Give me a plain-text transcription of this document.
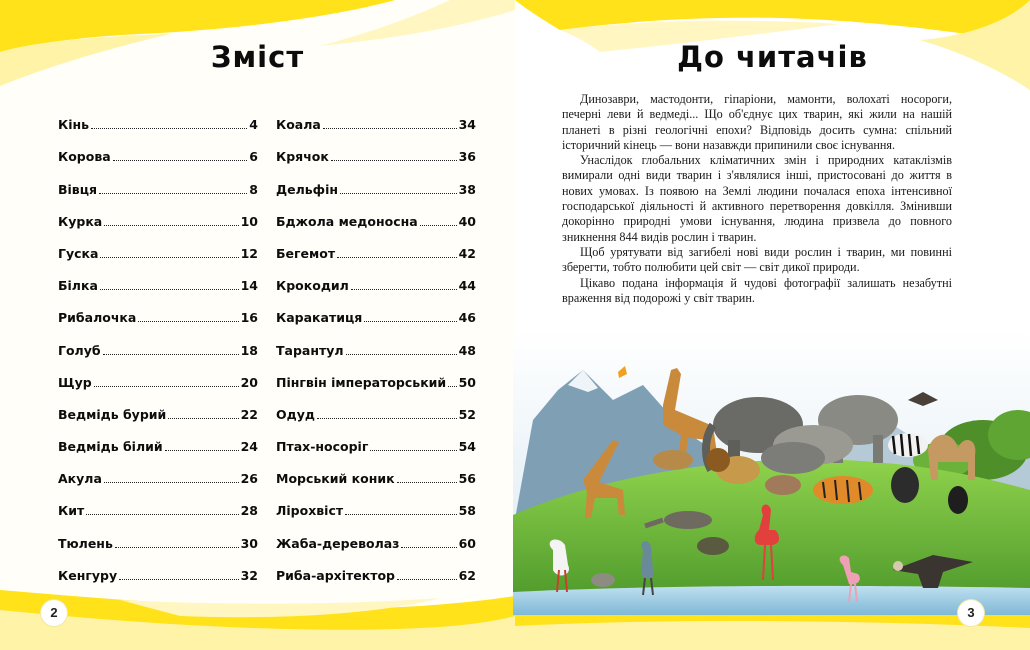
Зміст	До читачів
Кінь	4
Корова	6
Вівця	8
Курка	10
Гуска	12
Білка	14
Рибалочка	16
Голуб	18
Щур	20
Ведмідь бурий	22
Ведмідь білий	24
Акула	26
Кит	28
Тюлень	30
Кенгуру	32
Коала	34
Крячок	36
Дельфін	38
Бджола медоносна	40
Бегемот	42
Крокодил	44
Каракатиця	46
Тарантул	48
Пінгвін імператорський 50
Одуд	52
Птах-носоріг	54
Морський коник	56
Ліроxвіст	58
Жаба-дереволаз	60
Риба-архітектор	62

Динозаври, мастодонти, гіпаріони, мамонти, волохаті носороги, печерні леви й ведмеді... Що об'єднує цих тварин, які жили на нашій планеті в різні геологічні епохи? Відповідь досить сумна: спільний історичний кінець — вони назавжди припинили своє існування.

Унаслідок глобальних кліматичних змін і природних катаклізмів вимирали одні види тварин і з'являлися інші, пристосовані до життя в нових умовах. Із появою на Землі людини почалася епоха інтенсивної господарської діяльності й активного перетворення довкілля. Змінивши докорінно природні умови існування, людина призвела до повного зникнення 844 видів рослин і тварин.

Щоб урятувати від загибелі нові види рослин і тварин, ми повинні зберегти, тобто полюбити цей світ — світ дикої природи.

Цікаво подана інформація й чудові фотографії залишать незабутні враження від подорожі у світ тварин.

2	3
